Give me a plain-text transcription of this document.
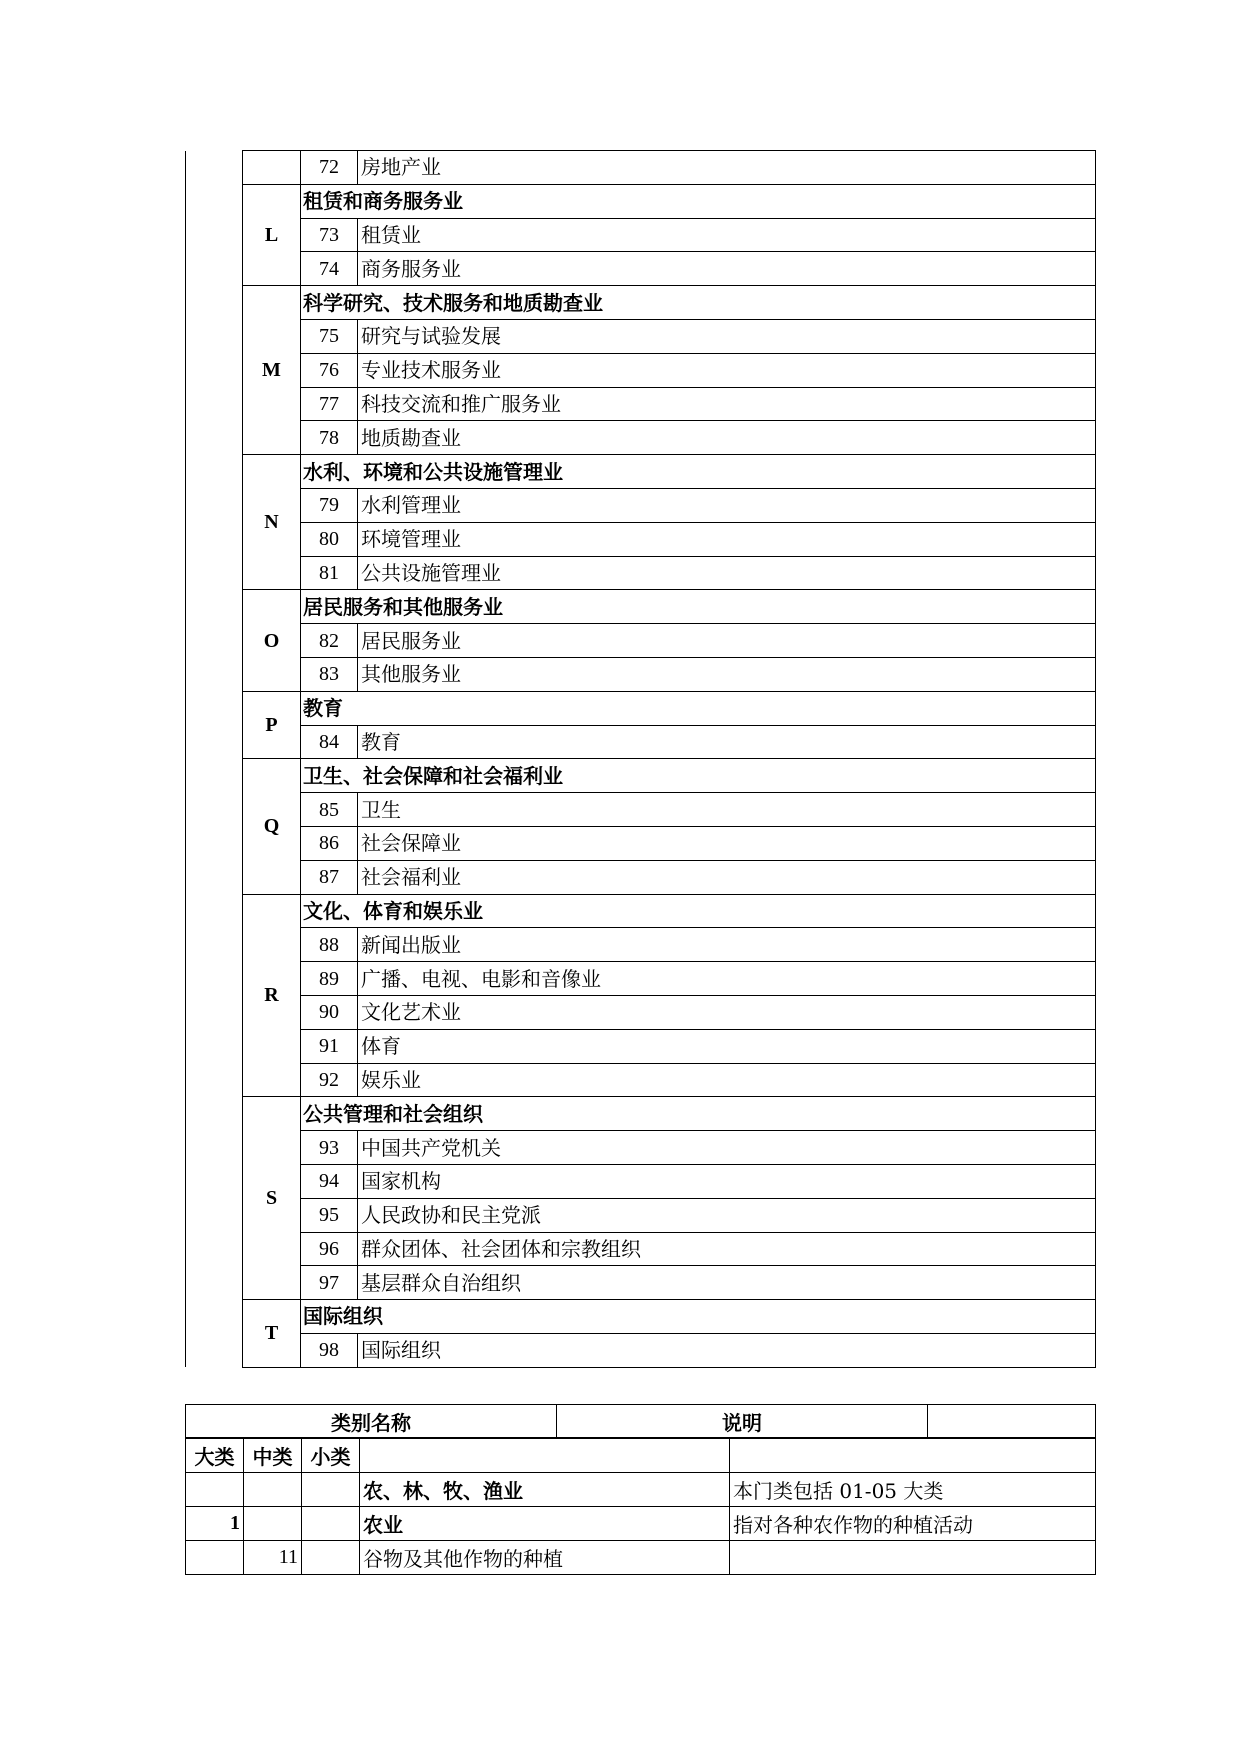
		72	房地产业
	L	租赁和商务服务业	
		73	租赁业
		74	商务服务业
	M	科学研究、技术服务和地质勘查业	
		75	研究与试验发展
		76	专业技术服务业
		77	科技交流和推广服务业
		78	地质勘查业
	N	水利、环境和公共设施管理业	
		79	水利管理业
		80	环境管理业
		81	公共设施管理业
	O	居民服务和其他服务业	
		82	居民服务业
		83	其他服务业
	P	教育	
		84	教育
	Q	卫生、社会保障和社会福利业	
		85	卫生
		86	社会保障业
		87	社会福利业
	R	文化、体育和娱乐业	
		88	新闻出版业
		89	广播、电视、电影和音像业
		90	文化艺术业
		91	体育
		92	娱乐业
	S	公共管理和社会组织	
		93	中国共产党机关
		94	国家机构
		95	人民政协和民主党派
		96	群众团体、社会团体和宗教组织
		97	基层群众自治组织
	T	国际组织	
		98	国际组织
类别名称	说明	
大类	中类	小类		
			农、林、牧、渔业	本门类包括 01-05 大类
1			农业	指对各种农作物的种植活动
	11		谷物及其他作物的种植	
